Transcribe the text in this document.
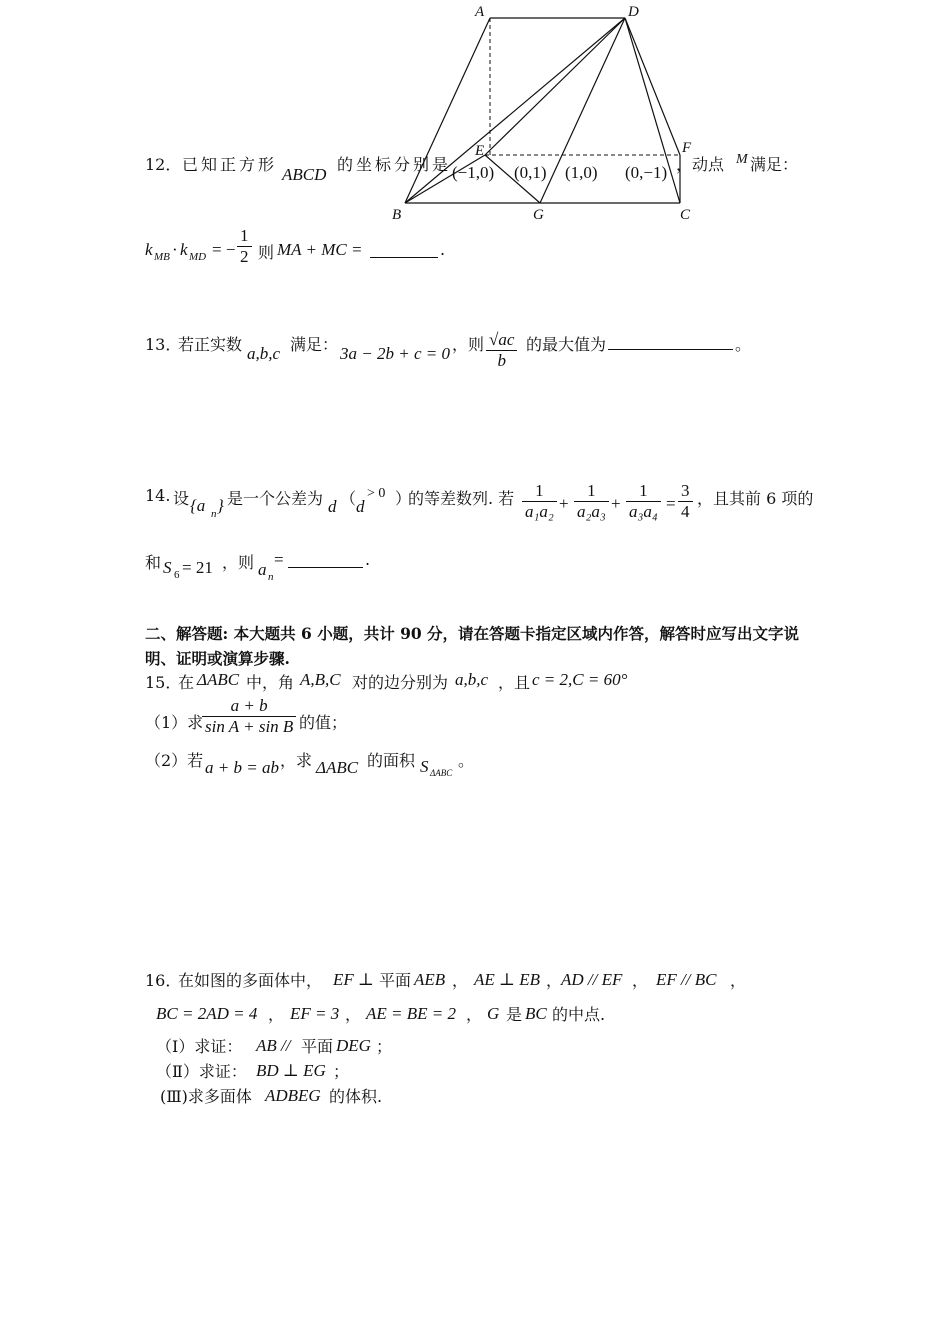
A	D
E	F
B	G	C
12． 已知正方形
ABCD
的坐标分别是 (−1,0) (0,1) (1,0) (0,−1) ，动点 M 满足：
k MB · k MD = − $\frac{1}{2}$ 则 MA + MC =	.
13．
若正实数 a,b,c 满足： 3a − 2b + c = 0 ，则 $\frac{√ac}{b}$ 的最大值为	。
14. 设 {a n } 是一个公差为 d （ d
> 0 ）
的等差数列. 若 $\frac{1}{\text{a₁a₂}} + \frac{1}{\text{a₂a₃}} + \frac{1}{\text{a₃a₄}} = \frac{3}{4}$ ，且其前 6 项的
和 S 6 = 21 ，则 a n
=	.
二、解答题: 本大题共 6 小题，共计 90 分，请在答题卡指定区域内作答，解答时应写出文字说
明、证明或演算步骤.
15．
在 ΔABC 中，角 A,B,C 对的边分别为 a,b,c ，且 c = 2,C = 60°
（1）求
$\frac{a + b}{\text{sin A + sin B}}$ 的值；
（2）若 a + b = ab ，求 ΔABC 的面积 S ΔABC
。
16．
在如图的多面体中， EF ⊥ 平面 AEB ， AE ⊥ EB ，
AD // EF ， EF // BC ，
BC = 2AD = 4 ， EF = 3 ， AE = BE = 2 ， G 是 BC 的中点.
（Ⅰ）求证： AB // 平面 DEG ；
（Ⅱ）求证： BD ⊥ EG ；
(Ⅲ)求多面体 ADBEG 的体积.
